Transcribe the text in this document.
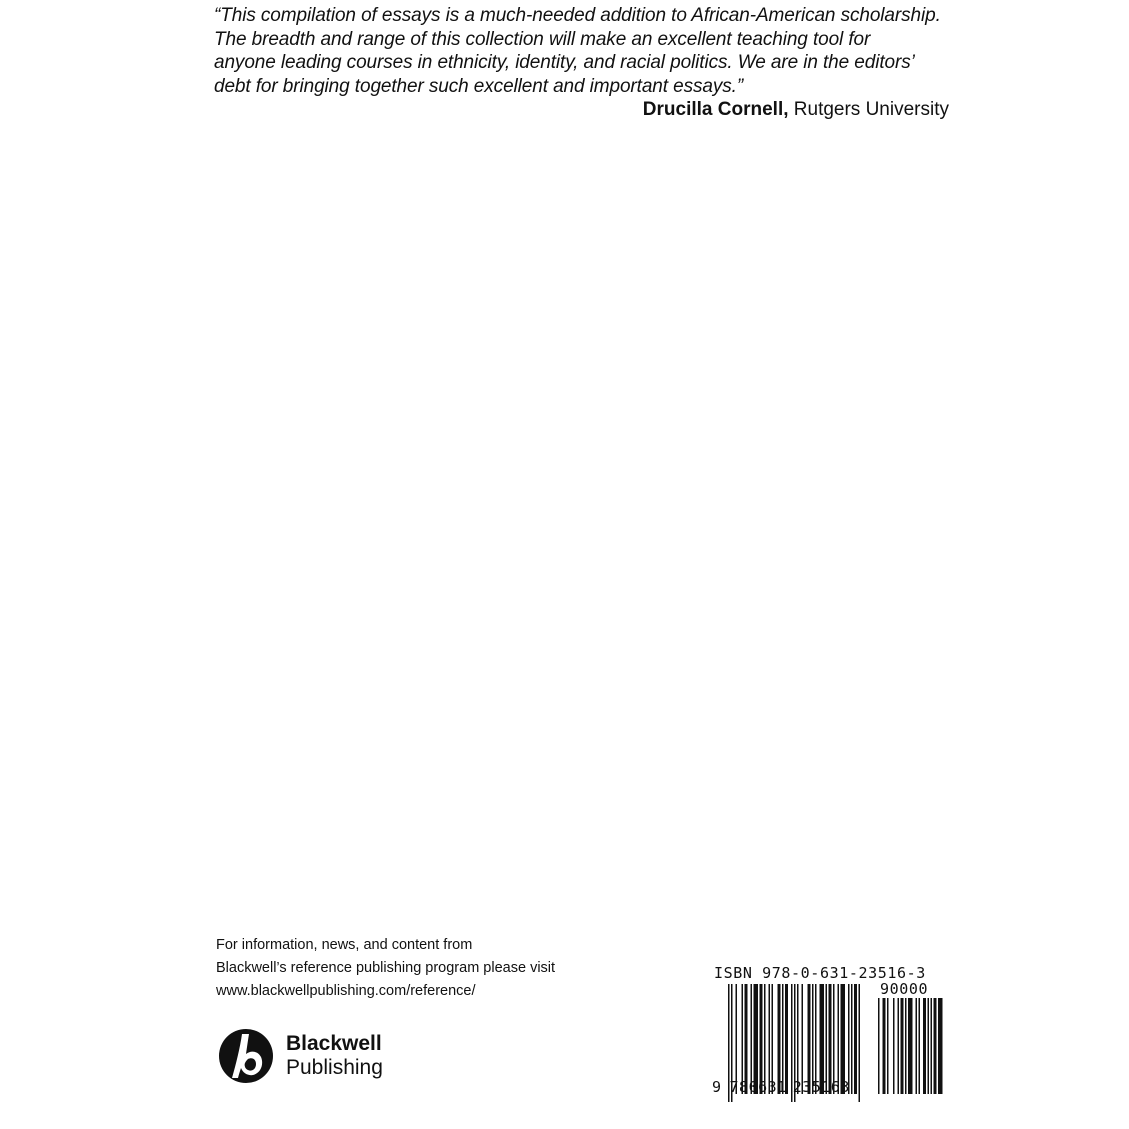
“This compilation of essays is a much-needed addition to African-American scholarship.
The breadth and range of this collection will make an excellent teaching tool for
anyone leading courses in ethnicity, identity, and racial politics. We are in the editors’
debt for bringing together such excellent and important essays.”

Drucilla Cornell, Rutgers University

For information, news, and content from
Blackwell’s reference publishing program please visit
www.blackwellpublishing.com/reference/
Blackwell
Publishing
ISBN 978-0-631-23516-3
90000
9 780631 235163
